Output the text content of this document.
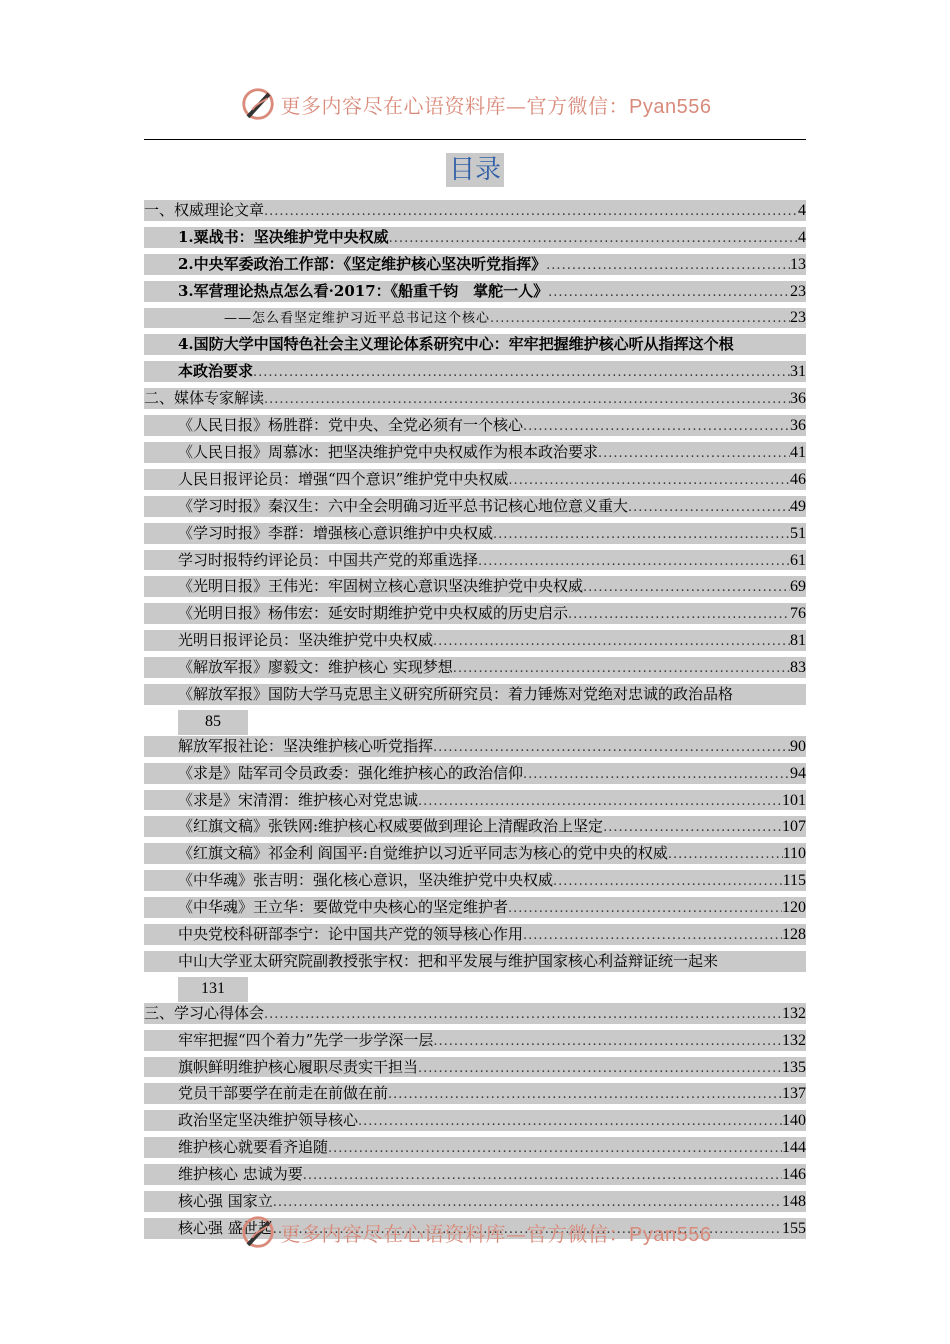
更多内容尽在心语资料库—官方微信：Pyan556
目录
一、权威理论文章 .....	4
1.粟战书：坚决维护党中央权威 .....	4
2.中央军委政治工作部：《坚定维护核心坚决听党指挥》 .....	13
3.军营理论热点怎么看·2017：《船重千钧　掌舵一人》 .....	23
——怎么看坚定维护习近平总书记这个核心 .....	23
4.国防大学中国特色社会主义理论体系研究中心：牢牢把握维护核心听从指挥这个根
本政治要求 .....	31
二、媒体专家解读 .....	36
《人民日报》杨胜群：党中央、全党必须有一个核心 .....	36
《人民日报》周慕冰：把坚决维护党中央权威作为根本政治要求 .....	41
人民日报评论员：增强“四个意识”维护党中央权威 .....	46
《学习时报》秦汉生：六中全会明确习近平总书记核心地位意义重大 .....	49
《学习时报》李群：增强核心意识维护中央权威 .....	51
学习时报特约评论员：中国共产党的郑重选择 .....	61
《光明日报》王伟光：牢固树立核心意识坚决维护党中央权威 .....	69
《光明日报》杨伟宏：延安时期维护党中央权威的历史启示 .....	76
光明日报评论员：坚决维护党中央权威 .....	81
《解放军报》廖毅文：维护核心 实现梦想 .....	83
《解放军报》国防大学马克思主义研究所研究员：着力锤炼对党绝对忠诚的政治品格
85
解放军报社论：坚决维护核心听党指挥 .....	90
《求是》陆军司令员政委：强化维护核心的政治信仰 .....	94
《求是》宋清渭：维护核心对党忠诚 .....	101
《红旗文稿》张铁网:维护核心权威要做到理论上清醒政治上坚定 .....	107
《红旗文稿》祁金利 阎国平:自觉维护以习近平同志为核心的党中央的权威 .....	110
《中华魂》张吉明：强化核心意识，坚决维护党中央权威 .....	115
《中华魂》王立华：要做党中央核心的坚定维护者 .....	120
中央党校科研部李宁：论中国共产党的领导核心作用 .....	128
中山大学亚太研究院副教授张宇权：把和平发展与维护国家核心利益辩证统一起来
131
三、学习心得体会 .....	132
牢牢把握“四个着力”先学一步学深一层 .....	132
旗帜鲜明维护核心履职尽责实干担当 .....	135
党员干部要学在前走在前做在前 .....	137
政治坚定坚决维护领导核心 .....	140
维护核心就要看齐追随 .....	144
维护核心 忠诚为要 .....	146
核心强 国家立 .....	148
核心强 盛世起 .....	155
更多内容尽在心语资料库—官方微信：Pyan556
